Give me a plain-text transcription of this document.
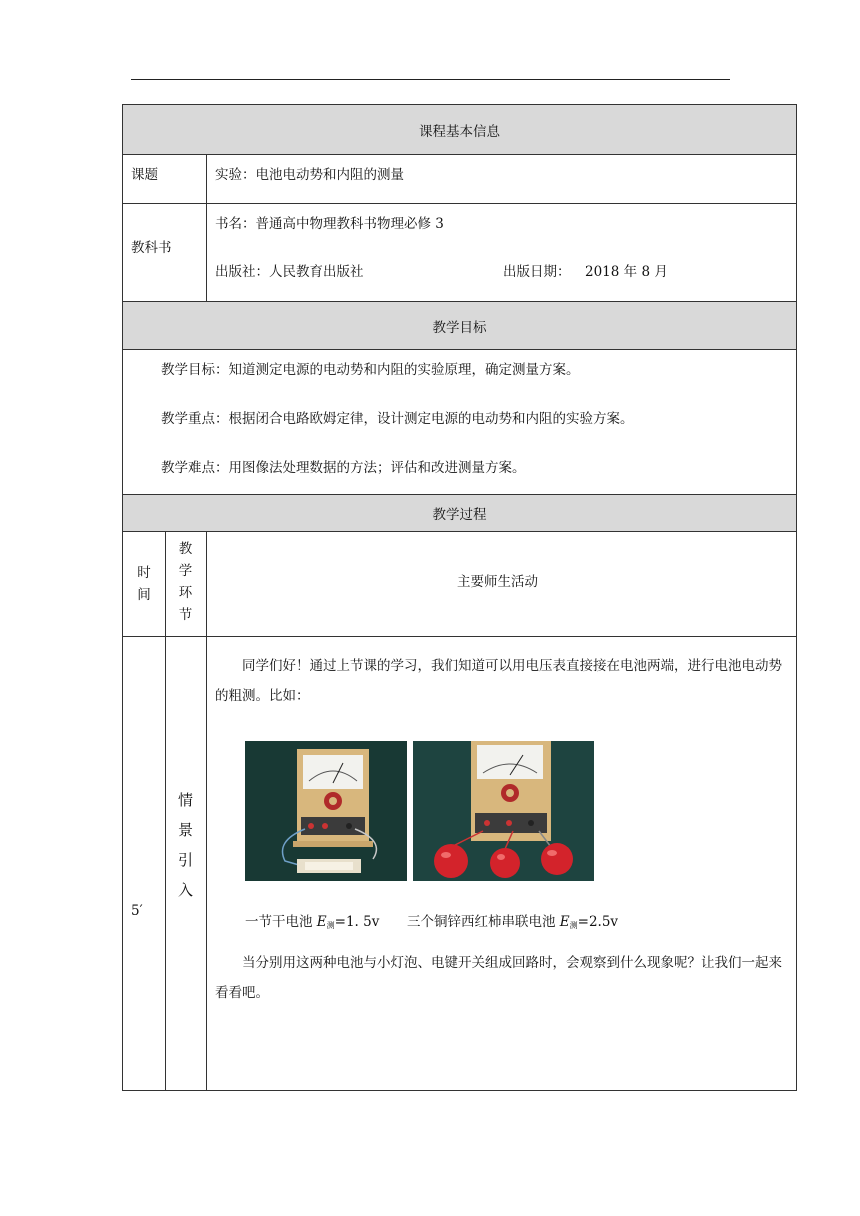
课程基本信息
课题	实验：电池电动势和内阻的测量
教科书
书名：普通高中物理教科书物理必修 3
出版社：人民教育出版社	出版日期： 2018 年 8 月
教学目标
教学目标：知道测定电源的电动势和内阻的实验原理，确定测量方案。
教学重点：根据闭合电路欧姆定律，设计测定电源的电动势和内阻的实验方案。
教学难点：用图像法处理数据的方法；评估和改进测量方案。
教学过程
时
间
教
学
环
节
主要师生活动
5′
情
景
引
入

同学们好！通过上节课的学习，我们知道可以用电压表直接接在电池两端，进行电池电动势的粗测。比如：

一节干电池 $E_测=1$. 5v 三个铜锌西红柿串联电池 $E_测=2.5v$

当分别用这两种电池与小灯泡、电键开关组成回路时，会观察到什么现象呢？让我们一起来看看吧。
